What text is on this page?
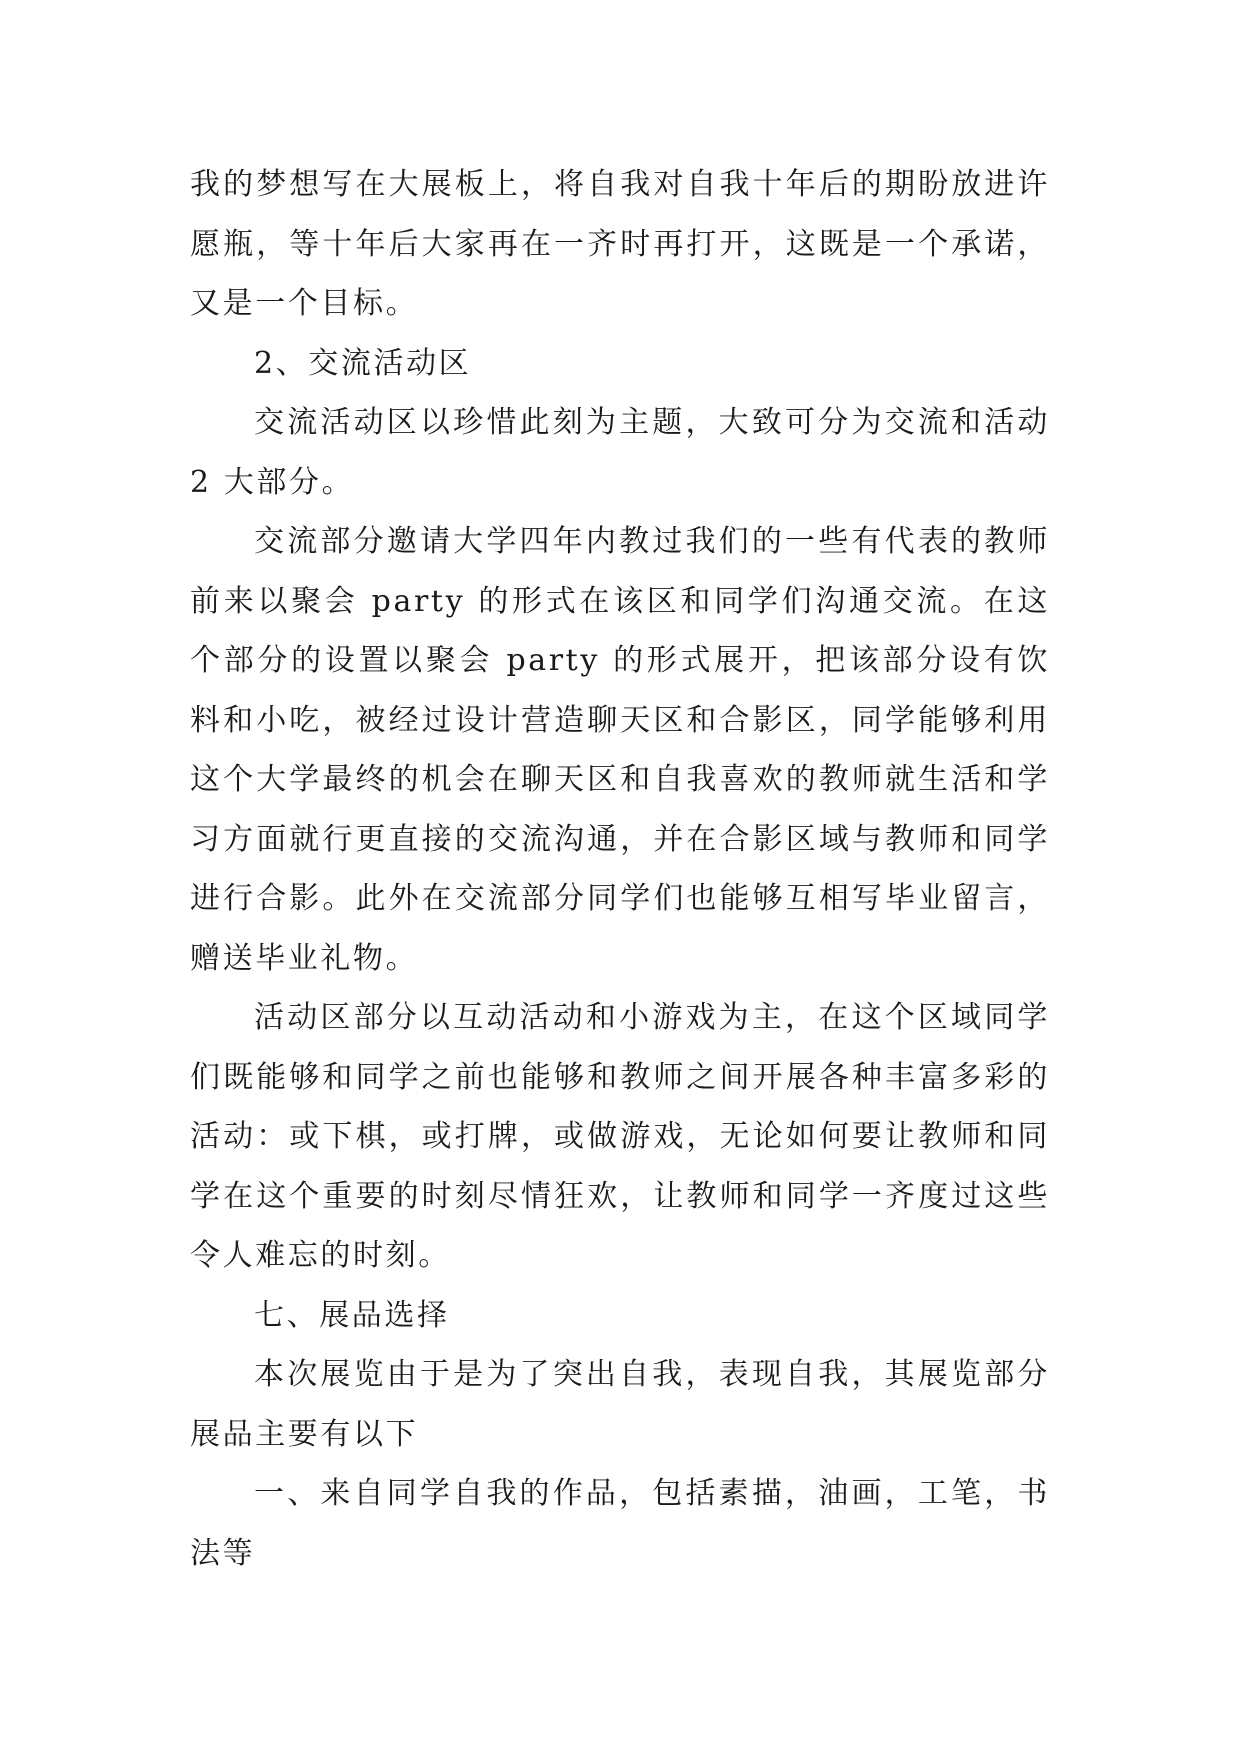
我的梦想写在大展板上，将自我对自我十年后的期盼放进许愿瓶，等十年后大家再在一齐时再打开，这既是一个承诺，又是一个目标。

2、交流活动区

交流活动区以珍惜此刻为主题，大致可分为交流和活动 2 大部分。

交流部分邀请大学四年内教过我们的一些有代表的教师前来以聚会 party 的形式在该区和同学们沟通交流。在这个部分的设置以聚会 party 的形式展开，把该部分设有饮料和小吃，被经过设计营造聊天区和合影区，同学能够利用这个大学最终的机会在聊天区和自我喜欢的教师就生活和学习方面就行更直接的交流沟通，并在合影区域与教师和同学进行合影。此外在交流部分同学们也能够互相写毕业留言，赠送毕业礼物。

活动区部分以互动活动和小游戏为主，在这个区域同学们既能够和同学之前也能够和教师之间开展各种丰富多彩的活动：或下棋，或打牌，或做游戏，无论如何要让教师和同学在这个重要的时刻尽情狂欢，让教师和同学一齐度过这些令人难忘的时刻。

七、展品选择

本次展览由于是为了突出自我，表现自我，其展览部分展品主要有以下

一、来自同学自我的作品，包括素描，油画，工笔，书法等
